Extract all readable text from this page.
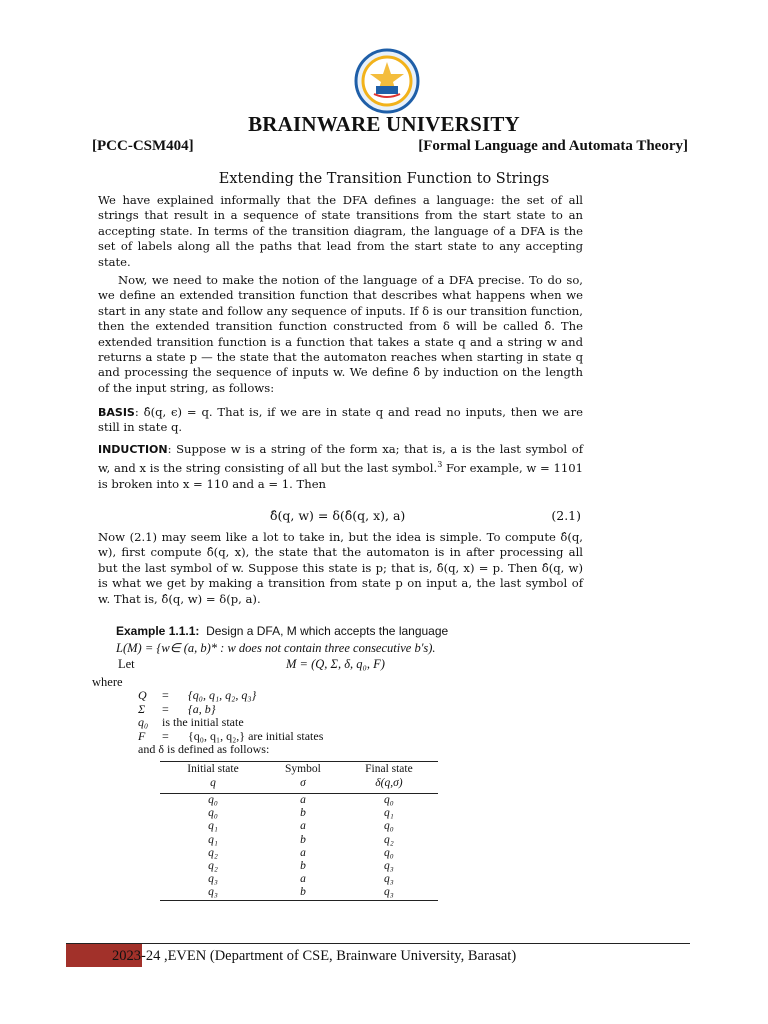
BRAINWARE UNIVERSITY
[PCC-CSM404]	[Formal Language and Automata Theory]
Extending the Transition Function to Strings
We have explained informally that the DFA defines a language: the set of all strings that result in a sequence of state transitions from the start state to an accepting state. In terms of the transition diagram, the language of a DFA is the set of labels along all the paths that lead from the start state to any accepting state.
Now, we need to make the notion of the language of a DFA precise. To do so, we define an extended transition function that describes what happens when we start in any state and follow any sequence of inputs. If δ is our transition function, then the extended transition function constructed from δ will be called δ̂. The extended transition function is a function that takes a state q and a string w and returns a state p — the state that the automaton reaches when starting in state q and processing the sequence of inputs w. We define δ̂ by induction on the length of the input string, as follows:
BASIS: δ̂(q, ϵ) = q. That is, if we are in state q and read no inputs, then we are still in state q.
INDUCTION: Suppose w is a string of the form xa; that is, a is the last symbol of w, and x is the string consisting of all but the last symbol.$^3$ For example, w = 1101 is broken into x = 110 and a = 1. Then
δ̂(q, w) = δ(δ̂(q, x), a)	(2.1)
Now (2.1) may seem like a lot to take in, but the idea is simple. To compute δ̂(q, w), first compute δ̂(q, x), the state that the automaton is in after processing all but the last symbol of w. Suppose this state is p; that is, δ̂(q, x) = p. Then δ̂(q, w) is what we get by making a transition from state p on input a, the last symbol of w. That is, δ̂(q, w) = δ(p, a).
Example 1.1.1: Design a DFA, M which accepts the language
L(M) = {w∈ (a, b)* : w does not contain three consecutive b's).
Let	M = (Q, Σ, δ, q₀, F)
where
Q = {q₀, q₁, q₂, q₃}
Σ = {a, b}
q₀ is the initial state
F = {q₀, q₁, q₂,} are initial states
and δ is defined as follows:
Initial state	Symbol	Final state
q	σ	δ(q,σ)
q₀	a	q₀
q₀	b	q₁
q₁	a	q₀
q₁	b	q₂
q₂	a	q₀
q₂	b	q₃
q₃	a	q₃
q₃	b	q₃
2023-24 ,EVEN (Department of CSE, Brainware University, Barasat)
